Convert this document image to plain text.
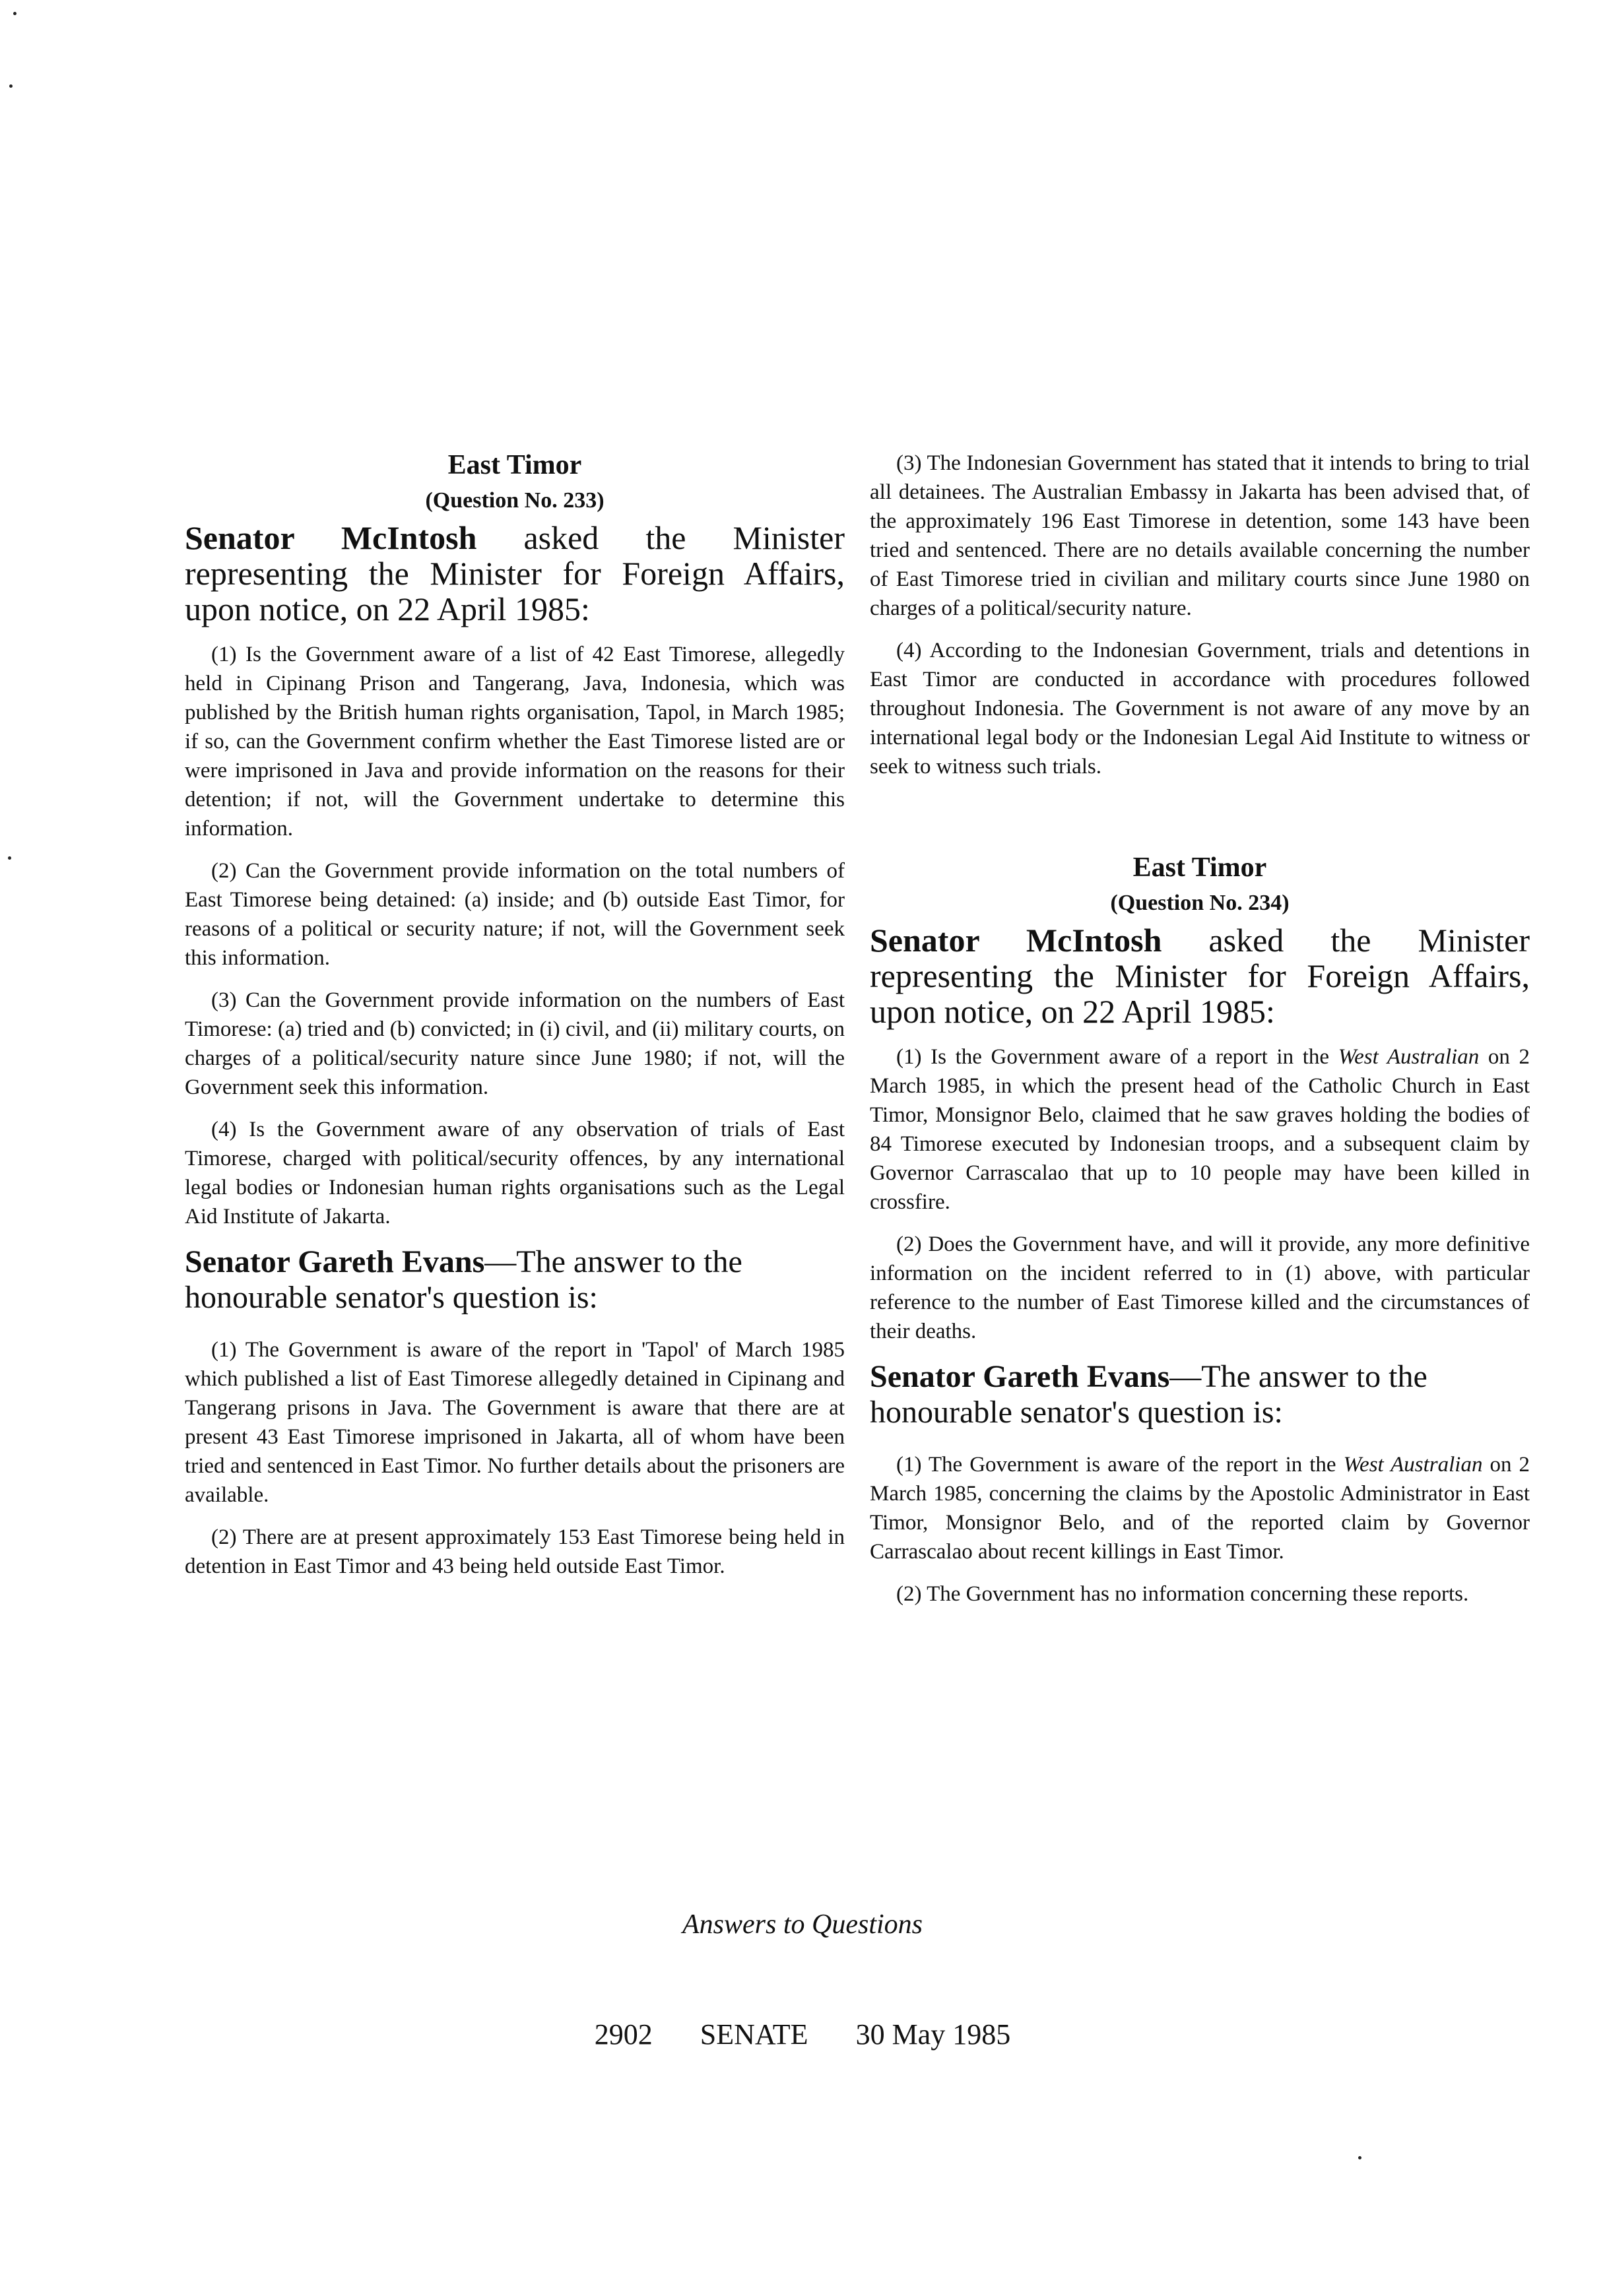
East Timor
(Question No. 233)
Senator McIntosh asked the Minister representing the Minister for Foreign Affairs, upon notice, on 22 April 1985:

(1) Is the Government aware of a list of 42 East Timorese, allegedly held in Cipinang Prison and Tangerang, Java, Indonesia, which was published by the British human rights organisation, Tapol, in March 1985; if so, can the Government confirm whether the East Timorese listed are or were imprisoned in Java and provide information on the reasons for their detention; if not, will the Government undertake to determine this information.

(2) Can the Government provide information on the total numbers of East Timorese being detained: (a) inside; and (b) outside East Timor, for reasons of a political or security nature; if not, will the Government seek this information.

(3) Can the Government provide information on the numbers of East Timorese: (a) tried and (b) convicted; in (i) civil, and (ii) military courts, on charges of a political/security nature since June 1980; if not, will the Government seek this information.

(4) Is the Government aware of any observation of trials of East Timorese, charged with political/security offences, by any international legal bodies or Indonesian human rights organisations such as the Legal Aid Institute of Jakarta.

Senator Gareth Evans—The answer to the honourable senator's question is:

(1) The Government is aware of the report in 'Tapol' of March 1985 which published a list of East Timorese allegedly detained in Cipinang and Tangerang prisons in Java. The Government is aware that there are at present 43 East Timorese imprisoned in Jakarta, all of whom have been tried and sentenced in East Timor. No further details about the prisoners are available.

(2) There are at present approximately 153 East Timorese being held in detention in East Timor and 43 being held outside East Timor.

(3) The Indonesian Government has stated that it intends to bring to trial all detainees. The Australian Embassy in Jakarta has been advised that, of the approximately 196 East Timorese in detention, some 143 have been tried and sentenced. There are no details available concerning the number of East Timorese tried in civilian and military courts since June 1980 on charges of a political/security nature.

(4) According to the Indonesian Government, trials and detentions in East Timor are conducted in accordance with procedures followed throughout Indonesia. The Government is not aware of any move by an international legal body or the Indonesian Legal Aid Institute to witness or seek to witness such trials.

East Timor
(Question No. 234)
Senator McIntosh asked the Minister representing the Minister for Foreign Affairs, upon notice, on 22 April 1985:

(1) Is the Government aware of a report in the West Australian on 2 March 1985, in which the present head of the Catholic Church in East Timor, Monsignor Belo, claimed that he saw graves holding the bodies of 84 Timorese executed by Indonesian troops, and a subsequent claim by Governor Carrascalao that up to 10 people may have been killed in crossfire.

(2) Does the Government have, and will it provide, any more definitive information on the incident referred to in (1) above, with particular reference to the number of East Timorese killed and the circumstances of their deaths.

Senator Gareth Evans—The answer to the honourable senator's question is:

(1) The Government is aware of the report in the West Australian on 2 March 1985, concerning the claims by the Apostolic Administrator in East Timor, Monsignor Belo, and of the reported claim by Governor Carrascalao about recent killings in East Timor.

(2) The Government has no information concerning these reports.

Answers to Questions
2902 SENATE 30 May 1985
